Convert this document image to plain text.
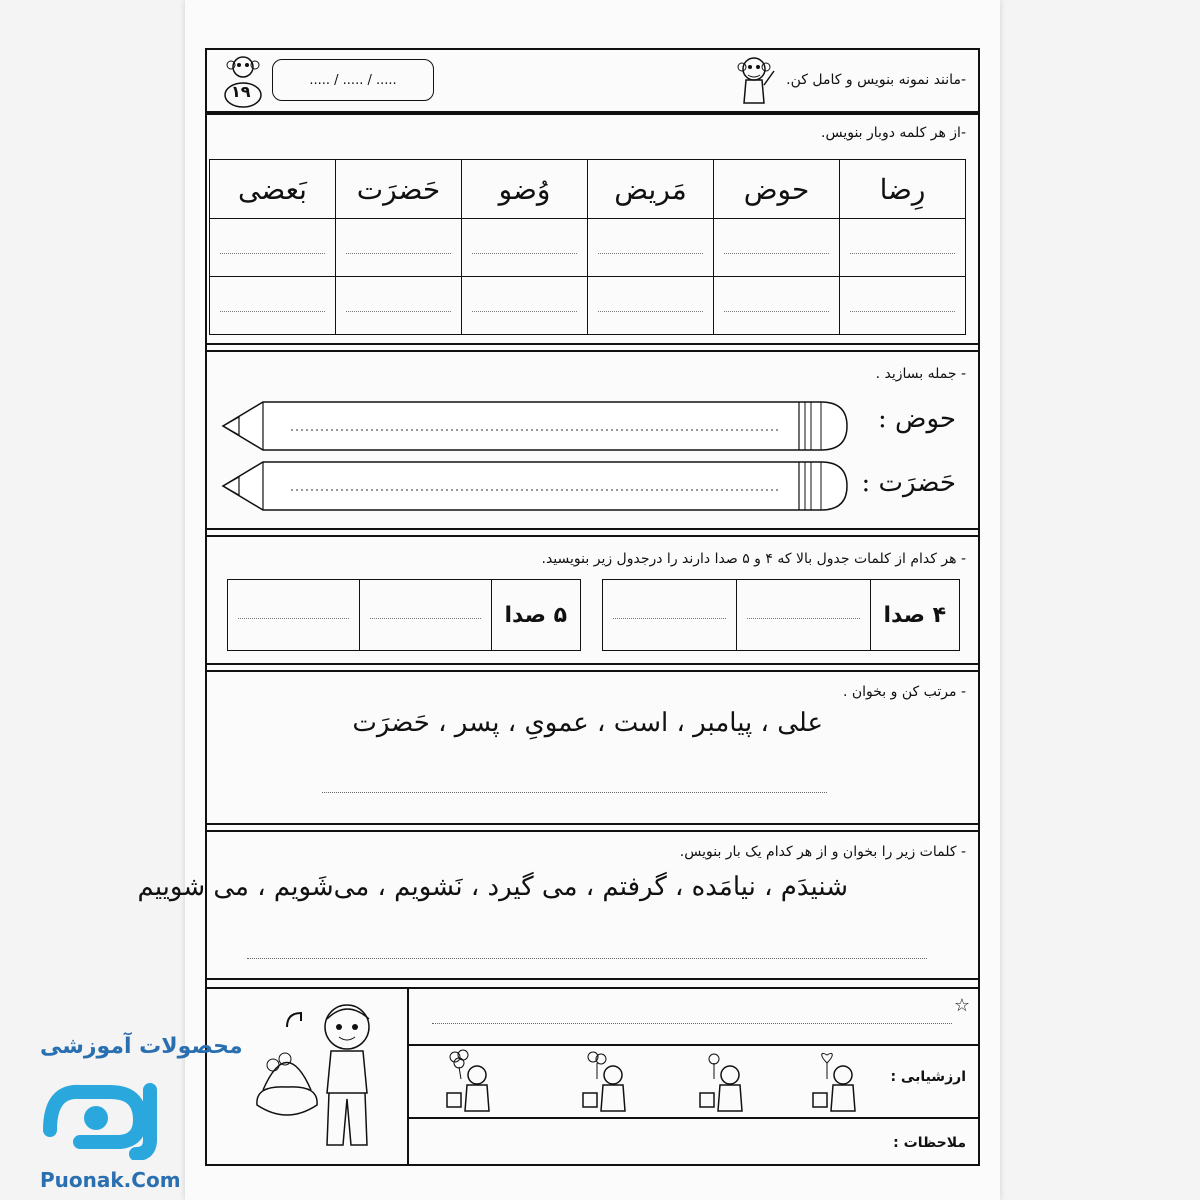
-مانند نمونه بنویس و کامل کن.
..... / ..... / .....
۱۹
-از هر کلمه دوبار بنویس.
رِضا	حوض	مَریض	وُضو	حَضرَت	بَعضی

- جمله بسازید .
حوض :
حَضرَت :
- هر کدام از کلمات جدول بالا که ۴ و ۵ صدا دارند را درجدول زیر بنویسید.
۴ صدا
۵ صدا
- مرتب کن و بخوان .
علی ، پیامبر ، است ، عمویِ ، پسر ، حَضرَت
- کلمات زیر را بخوان و از هر کدام یک بار بنویس.
شنیدَم ، نیامَده ، گرفتم ، می گیرد ، نَشویم ، می‌شَویم ، می شوییم
☆
ارزشیابی :
ملاحظات :
محصولات آموزشی
Puonak.Com
